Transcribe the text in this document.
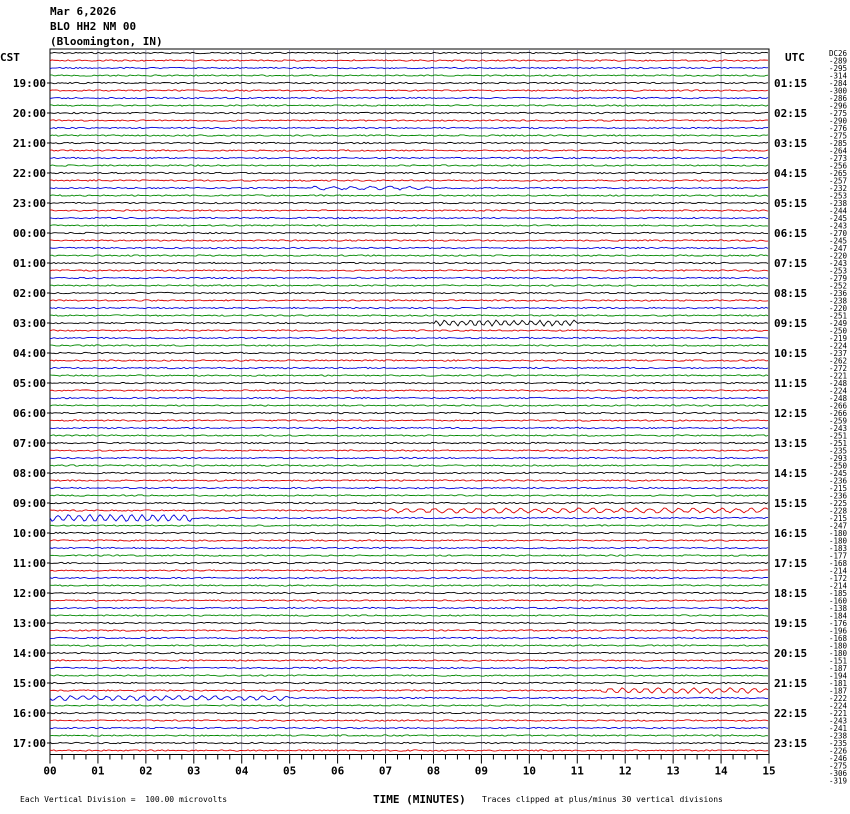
Mar 6,2026
BLO HH2 NM 00
(Bloomington, IN)
CST	UTC
TIME (MINUTES)
19:00
20:00
21:00
22:00
23:00
00:00
01:00
02:00
03:00
04:00
05:00
06:00
07:00
08:00
09:00
10:00
11:00
12:00
13:00
14:00
15:00
16:00
17:00
01:15
02:15
03:15
04:15
05:15
06:15
07:15
08:15
09:15
10:15
11:15
12:15
13:15
14:15
15:15
16:15
17:15
18:15
19:15
20:15
21:15
22:15
23:15
DC26
-289
-295
-314
-284
-300
-286
-296
-275
-290
-276
-275
-285
-264
-273
-256
-265
-257
-232
-253
-238
-244
-245
-243
-270
-245
-247
-220
-243
-253
-279
-252
-236
-238
-220
-251
-249
-250
-219
-224
-237
-262
-272
-221
-248
-224
-248
-266
-266
-259
-243
-251
-251
-235
-293
-250
-245
-236
-215
-236
-225
-228
-215
-247
-180
-180
-183
-177
-168
-214
-172
-214
-185
-160
-138
-184
-176
-196
-168
-180
-180
-151
-187
-194
-181
-187
-222
-224
-221
-243
-241
-238
-235
-226
-246
-275
-306
-319
00	01	02	03	04	05	06	07	08	09	10	11	12	13	14	15
Each Vertical Division =  100.00 microvolts	Traces clipped at plus/minus 30 vertical divisions
